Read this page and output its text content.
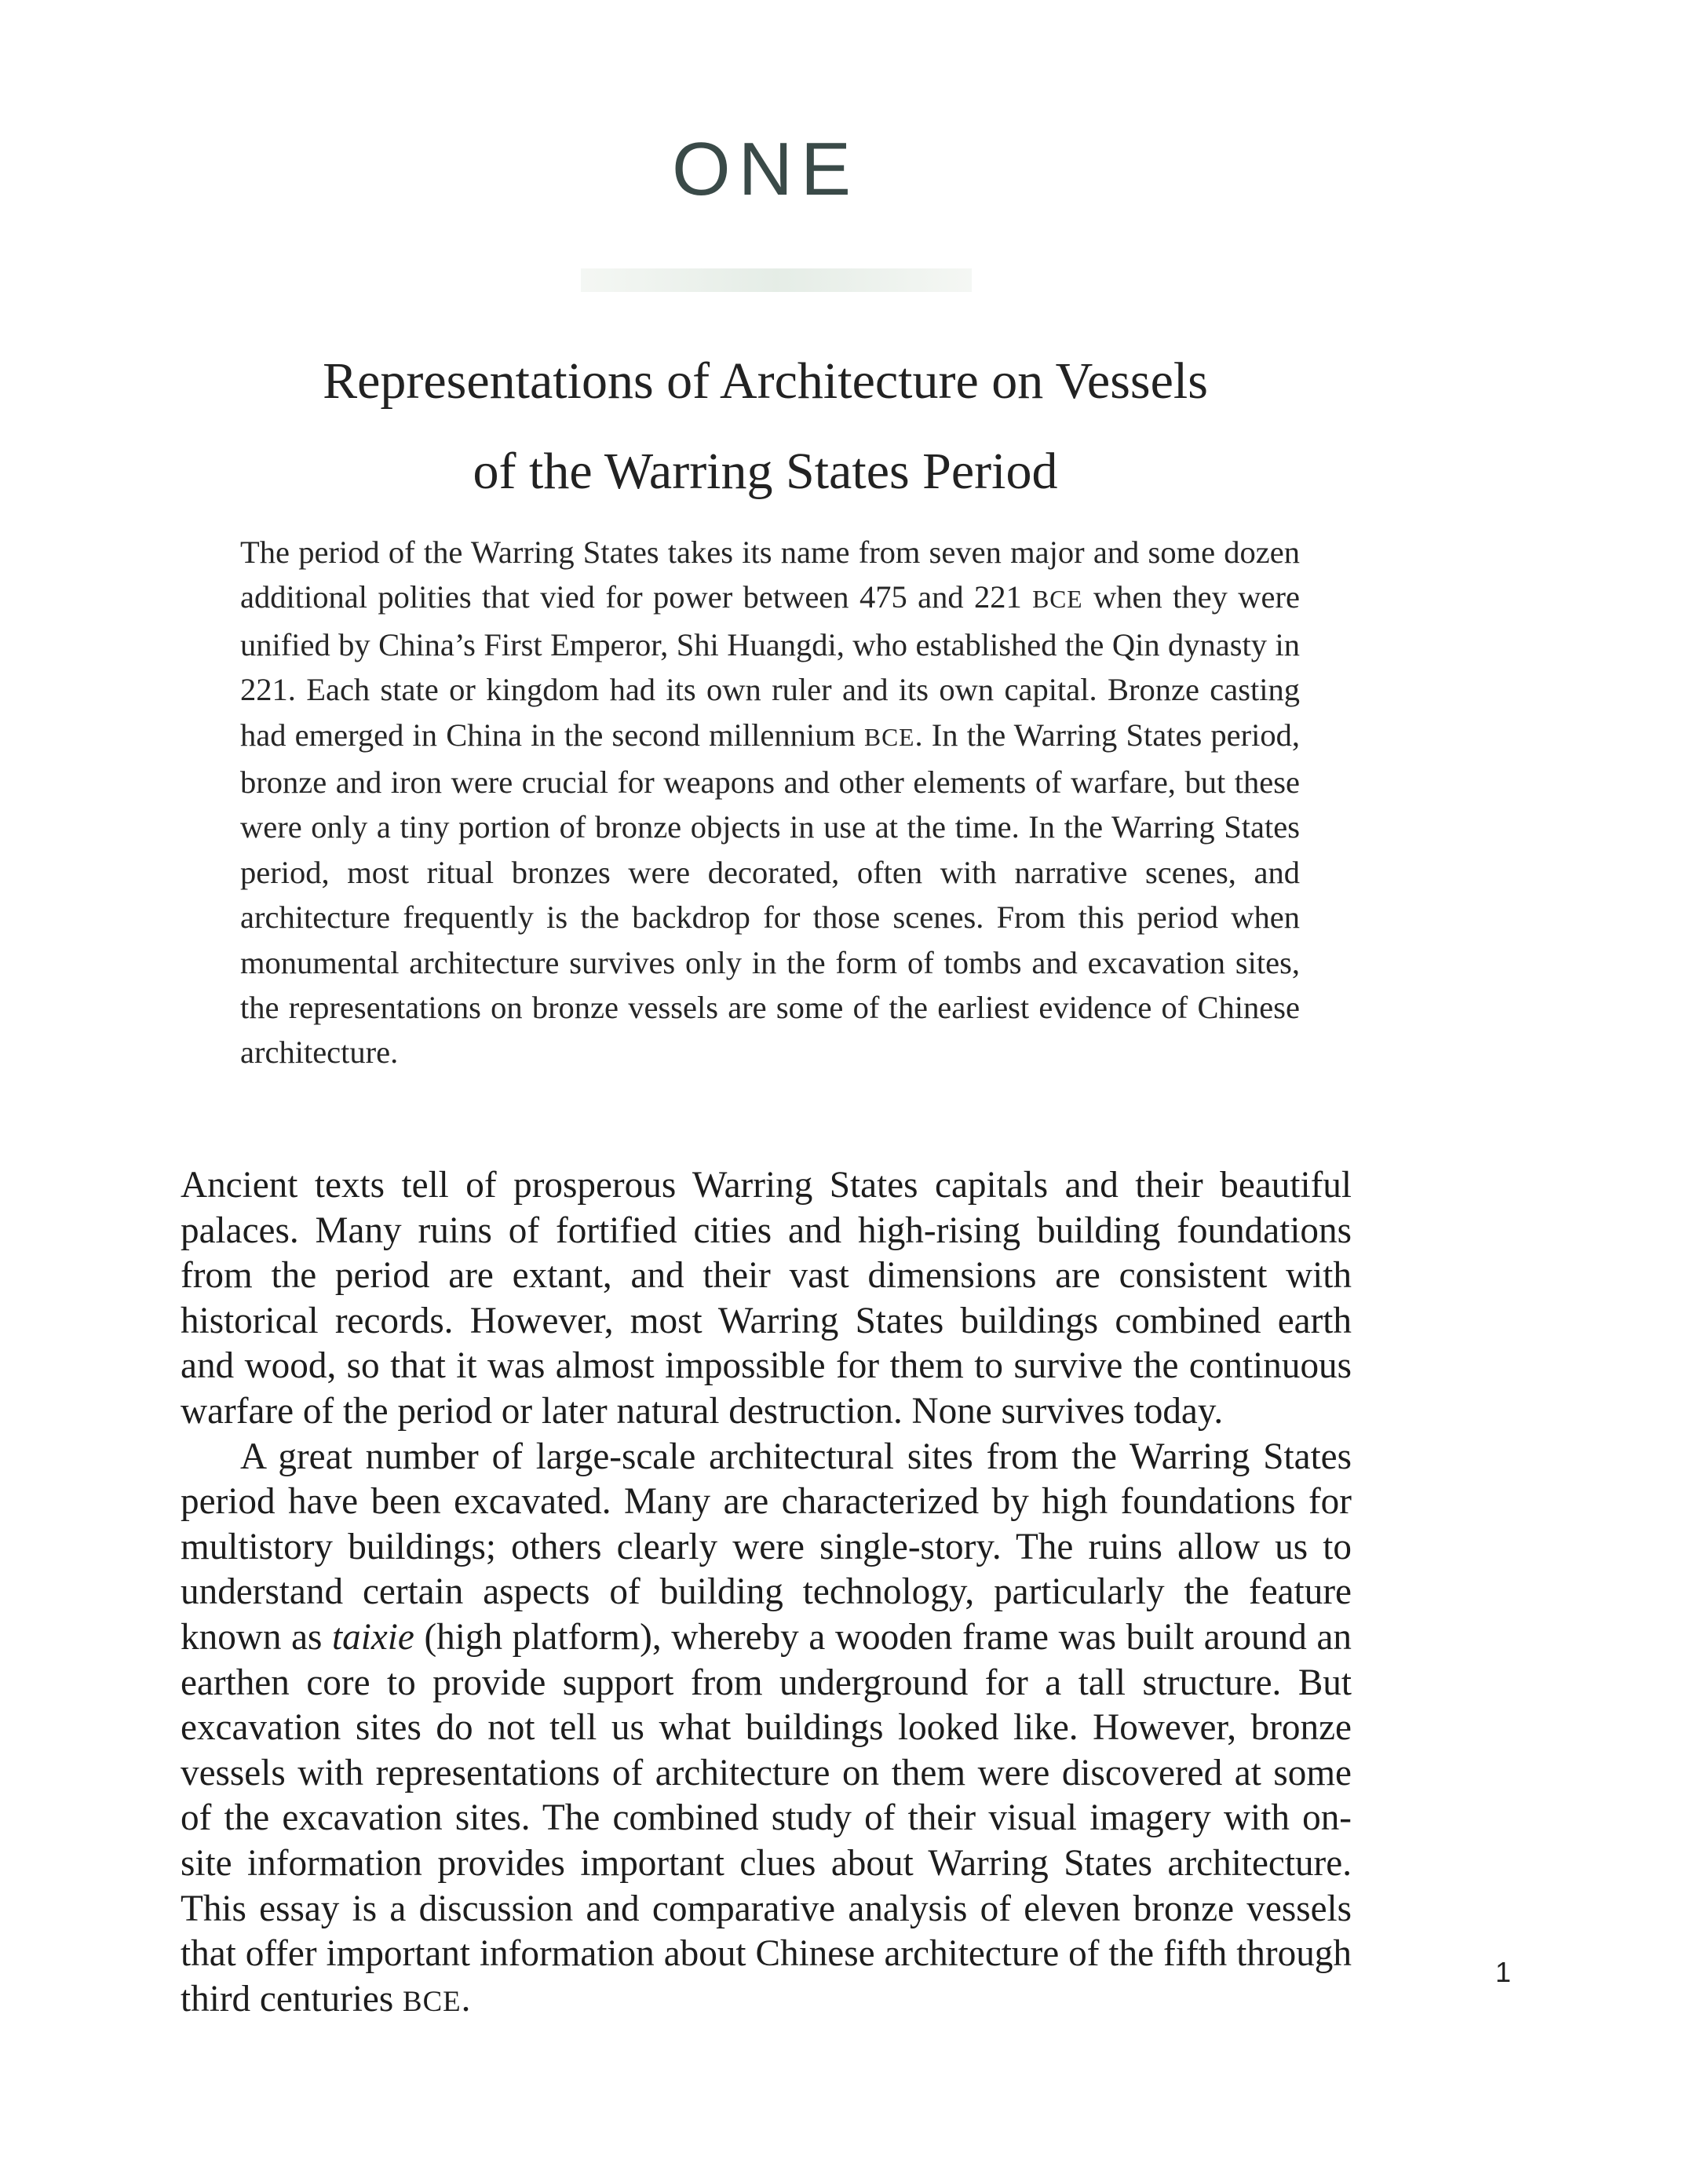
ONE
Representations of Architecture on Vessels
of the Warring States Period

The period of the Warring States takes its name from seven major and some dozen additional polities that vied for power between 475 and 221 BCE when they were unified by China’s First Emperor, Shi Huangdi, who established the Qin dynasty in 221. Each state or kingdom had its own ruler and its own capital. Bronze casting had emerged in China in the second millennium BCE. In the Warring States period, bronze and iron were crucial for weapons and other elements of warfare, but these were only a tiny portion of bronze objects in use at the time. In the Warring States period, most ritual bronzes were decorated, often with narrative scenes, and architecture frequently is the backdrop for those scenes. From this period when monumental architecture survives only in the form of tombs and excavation sites, the representations on bronze vessels are some of the earliest evidence of Chinese architecture.

Ancient texts tell of prosperous Warring States capitals and their beautiful palaces. Many ruins of fortified cities and high-rising building foundations from the period are extant, and their vast dimensions are consistent with historical records. However, most Warring States buildings combined earth and wood, so that it was almost impossible for them to survive the continuous warfare of the period or later natural destruction. None survives today.

A great number of large-scale architectural sites from the Warring States period have been excavated. Many are characterized by high foundations for multistory buildings; others clearly were single-story. The ruins allow us to understand certain aspects of building technology, particularly the feature known as taixie (high platform), whereby a wooden frame was built around an earthen core to provide support from underground for a tall structure. But excavation sites do not tell us what buildings looked like. However, bronze vessels with representations of architecture on them were discovered at some of the excavation sites. The combined study of their visual imagery with on-site information provides important clues about Warring States architecture. This essay is a discussion and comparative analysis of eleven bronze vessels that offer important information about Chinese architecture of the fifth through third centuries BCE.

1
